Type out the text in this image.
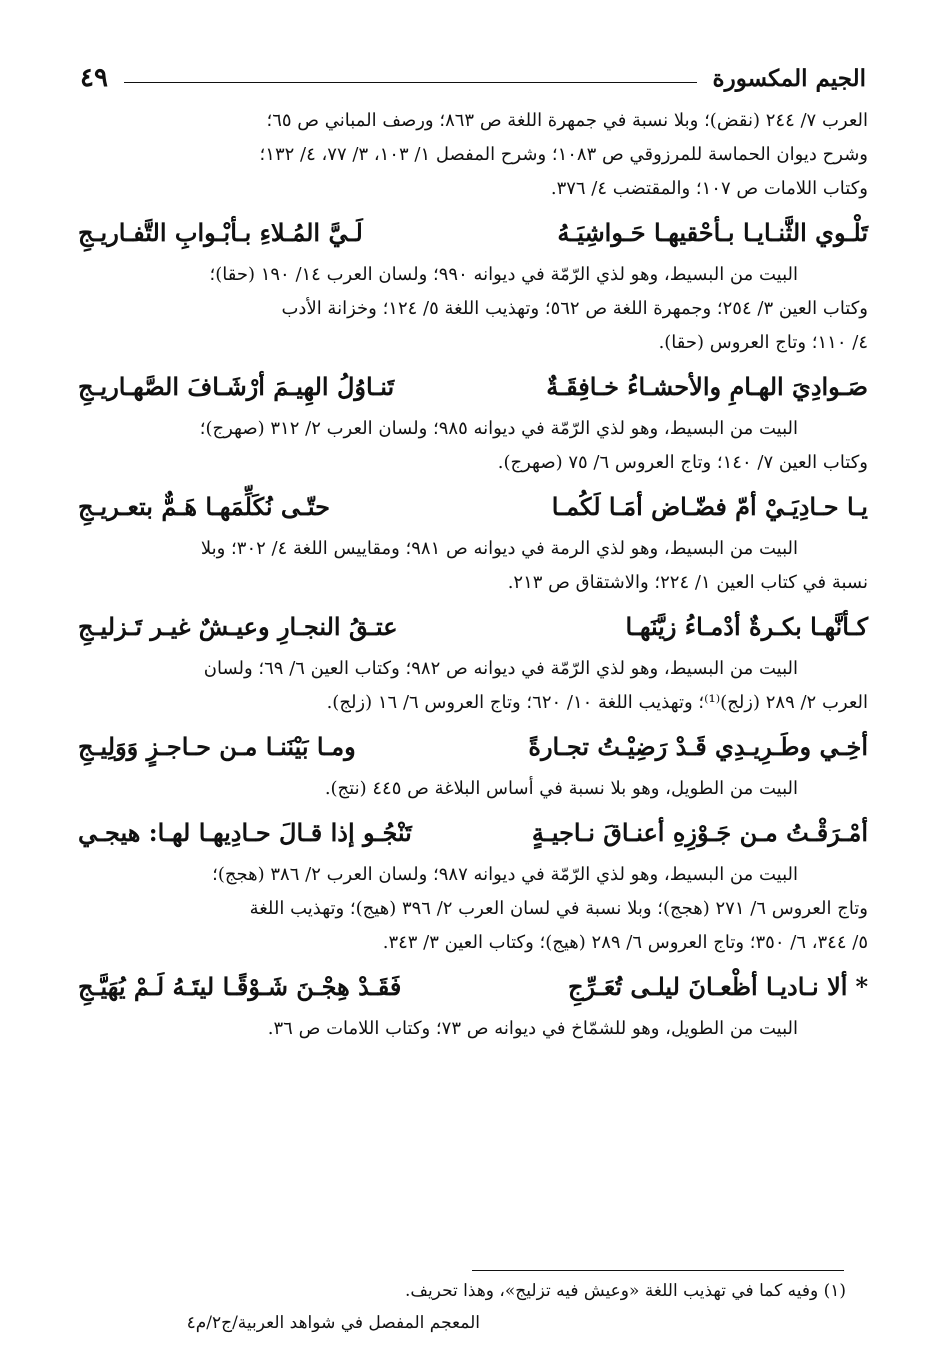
الجيم المكسورة
٤٩

العرب ٧/ ٢٤٤ (نقض)؛ وبلا نسبة في جمهرة اللغة ص ٨٦٣؛ ورصف المباني ص ٦٥؛
وشرح ديوان الحماسة للمرزوقي ص ١٠٨٣؛ وشرح المفصل ١/ ١٠٣، ٣/ ٧٧، ٤/ ١٣٢؛
وكتاب اللامات ص ١٠٧؛ والمقتضب ٤/ ٣٧٦.

تَلْـوي الثَّنـايـا بـأحْقيهـا حَـواشِيَـهُ
لَـيَّ المُـلاءِ بـأبْـوابِ التَّفـاريـجِ

البيت من البسيط، وهو لذي الرّمّة في ديوانه ٩٩٠؛ ولسان العرب ١٤/ ١٩٠ (حقا)؛
وكتاب العين ٣/ ٢٥٤؛ وجمهرة اللغة ص ٥٦٢؛ وتهذيب اللغة ٥/ ١٢٤؛ وخزانة الأدب
٤/ ١١٠؛ وتاج العروس (حقا).

صَـوادِيَ الهـامِ والأحشـاءُ خـافِقَـةٌ
تَنـاوُلُ الهِيـمَ أرْشَـافَ الصَّهـاريـجِ

البيت من البسيط، وهو لذي الرّمّة في ديوانه ٩٨٥؛ ولسان العرب ٢/ ٣١٢ (صهرج)؛
وكتاب العين ٧/ ١٤٠؛ وتاج العروس ٦/ ٧٥ (صهرج).

يـا حـادِيَـيْ أمّ فضّـاض أمَـا لَكُمـا
حتّـى نُكَلِّمَهـا هَـمٌّ بتعـريـجِ

البيت من البسيط، وهو لذي الرمة في ديوانه ص ٩٨١؛ ومقاييس اللغة ٤/ ٣٠٢؛ وبلا
نسبة في كتاب العين ١/ ٢٢٤؛ والاشتقاق ص ٢١٣.

كـأنَّهـا بكـرةٌ أدْمـاءُ زيَّنَهـا
عتـقُ النجـارِ وعيـشٌ غيـر تَـزليـجِ

البيت من البسيط، وهو لذي الرّمّة في ديوانه ص ٩٨٢؛ وكتاب العين ٦/ ٦٩؛ ولسان
العرب ٢/ ٢٨٩ (زلج)⁽¹⁾؛ وتهذيب اللغة ١٠/ ٦٢٠؛ وتاج العروس ٦/ ١٦ (زلج).

أخِـي وطَـرِيـدِي قَـدْ رَضِيْـتُ تجـارةً
ومـا بَيْنَنـا مـن حـاجـزٍ وَوَلِيـجِ

البيت من الطويل، وهو بلا نسبة في أساس البلاغة ص ٤٤٥ (نتج).

أمْـرَقْـتُ مـن جَـوْزِهِ أعنـاقَ نـاجيـةٍ
تَنْجُـو إذا قـالَ حـادِيهـا لهـا: هيجـي

البيت من البسيط، وهو لذي الرّمّة في ديوانه ٩٨٧؛ ولسان العرب ٢/ ٣٨٦ (هجج)؛
وتاج العروس ٦/ ٢٧١ (هجج)؛ وبلا نسبة في لسان العرب ٢/ ٣٩٦ (هيج)؛ وتهذيب اللغة
٥/ ٣٤٤، ٦/ ٣٥٠؛ وتاج العروس ٦/ ٢٨٩ (هيج)؛ وكتاب العين ٣/ ٣٤٣.

*ألا نـاديـا أظْعـانَ ليلـى تُعَـرِّجِ
فَقَـدْ هِجْـنَ شَـوْقًـا ليتَـهُ لَـمْ يُهَيَّـجِ

البيت من الطويل، وهو للشمّاخ في ديوانه ص ٧٣؛ وكتاب اللامات ص ٣٦.

(١) وفيه كما في تهذيب اللغة «وعيش فيه تزليج»، وهذا تحريف.
المعجم المفصل في شواهد العربية/ج٢/م٤
